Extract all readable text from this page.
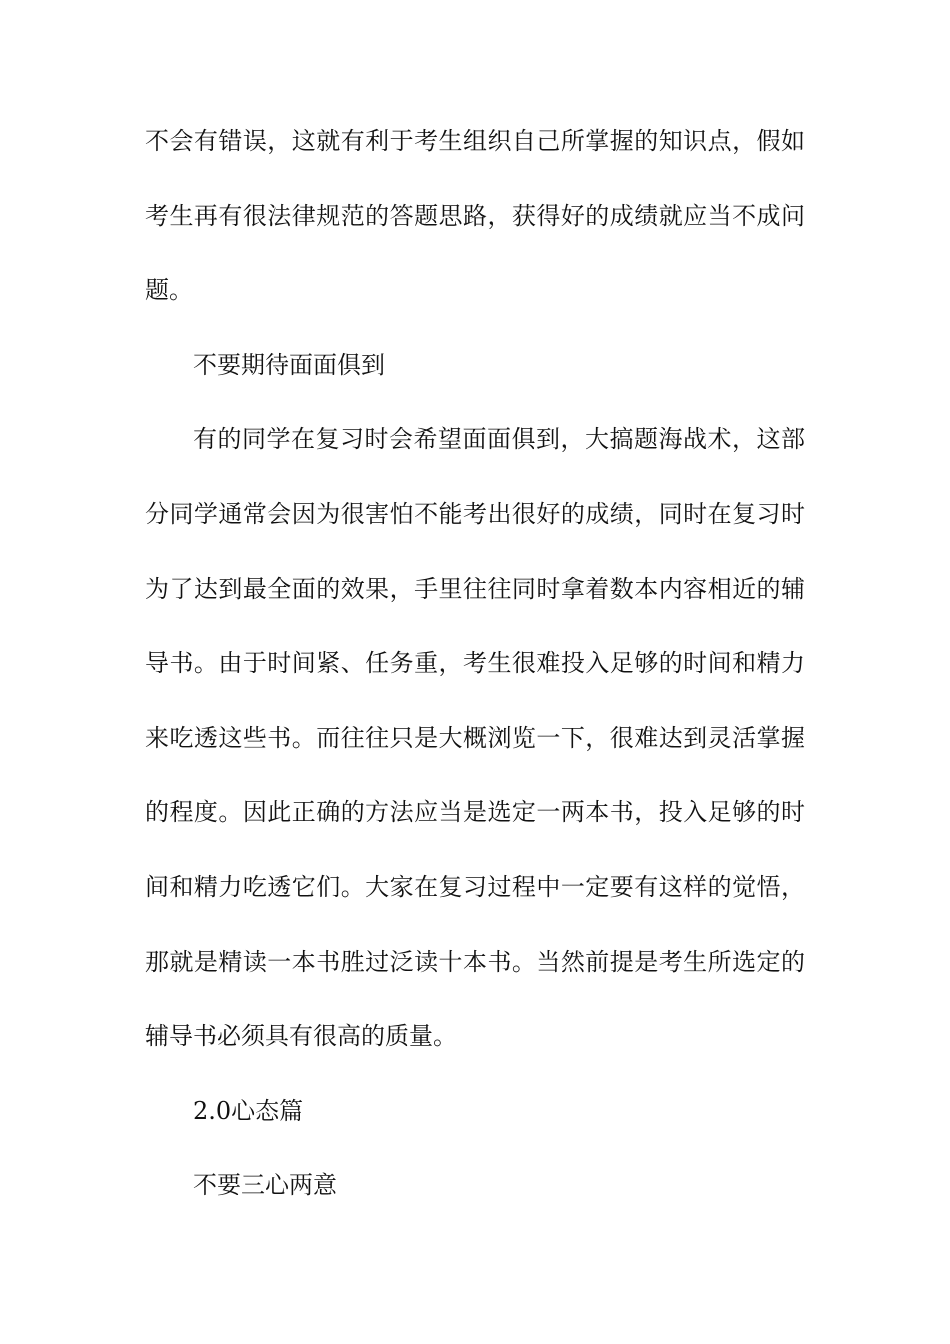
不会有错误，这就有利于考生组织自己所掌握的知识点，假如
考生再有很法律规范的答题思路，获得好的成绩就应当不成问
题。
不要期待面面俱到
有的同学在复习时会希望面面俱到，大搞题海战术，这部
分同学通常会因为很害怕不能考出很好的成绩，同时在复习时
为了达到最全面的效果，手里往往同时拿着数本内容相近的辅
导书。由于时间紧、任务重，考生很难投入足够的时间和精力
来吃透这些书。而往往只是大概浏览一下，很难达到灵活掌握
的程度。因此正确的方法应当是选定一两本书，投入足够的时
间和精力吃透它们。大家在复习过程中一定要有这样的觉悟，
那就是精读一本书胜过泛读十本书。当然前提是考生所选定的
辅导书必须具有很高的质量。
2.0心态篇
不要三心两意
